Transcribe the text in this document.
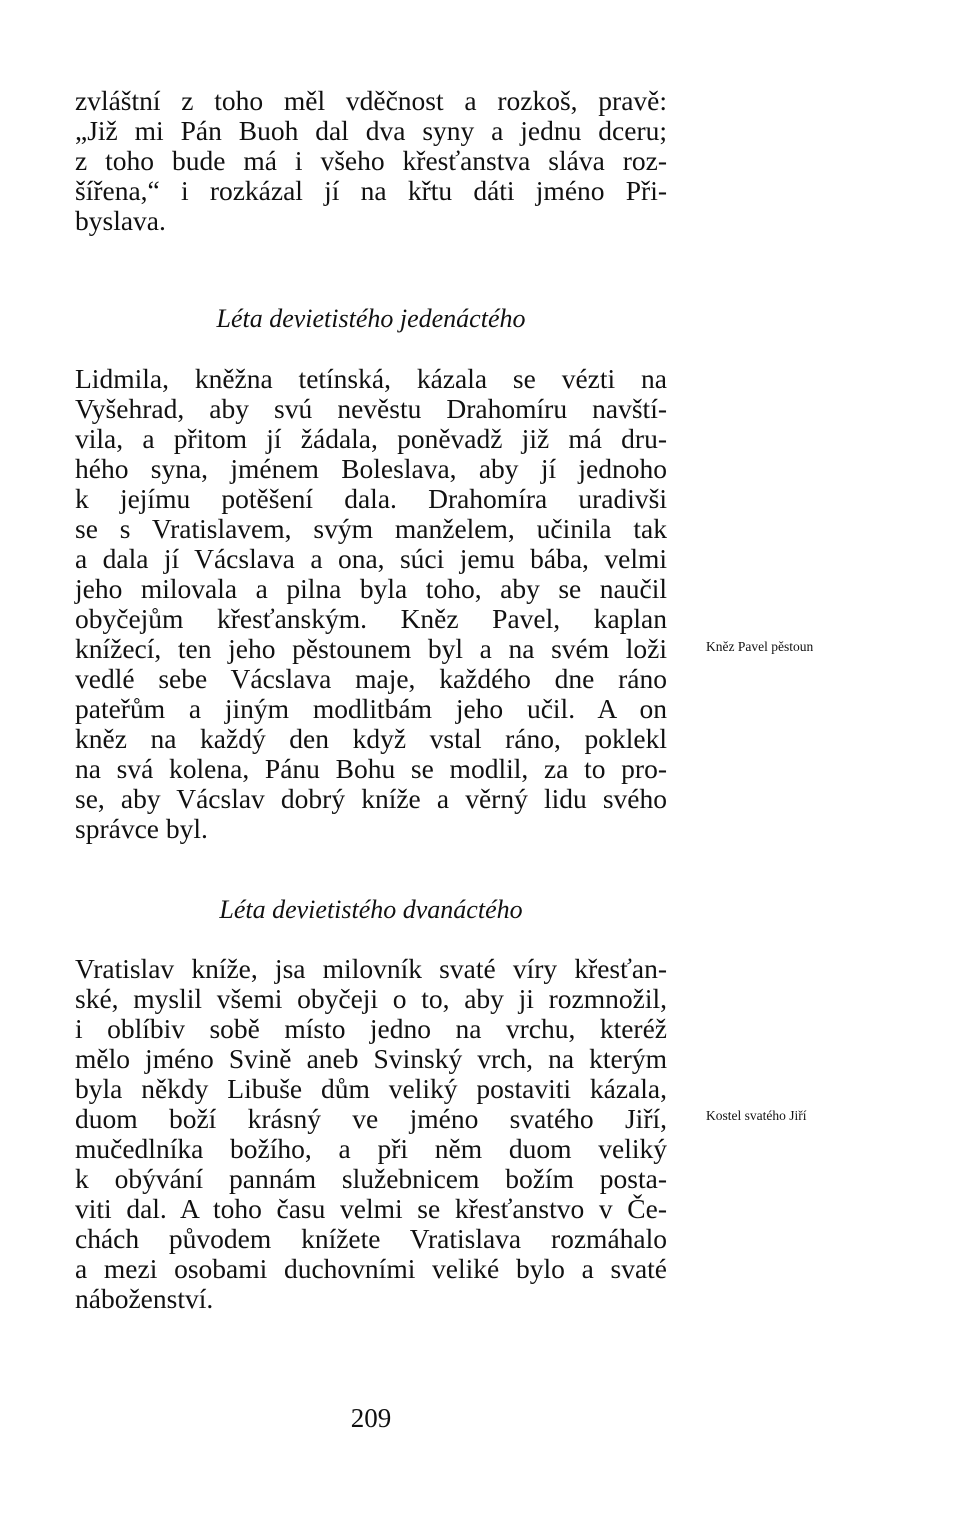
zvláštní z toho měl vděčnost a rozkoš, pravě:
„Již mi Pán Buoh dal dva syny a jednu dceru;
z toho bude má i všeho křesťanstva sláva roz-
šířena,“ i rozkázal jí na křtu dáti jméno Při-
byslava.
Léta devietistého jedenáctého
Lidmila, kněžna tetínská, kázala se vézti na
Vyšehrad, aby svú nevěstu Drahomíru navští-
vila, a přitom jí žádala, poněvadž již má dru-
hého syna, jménem Boleslava, aby jí jednoho
k jejímu potěšení dala. Drahomíra uradivši
se s Vratislavem, svým manželem, učinila tak
a dala jí Vácslava a ona, súci jemu bába, velmi
jeho milovala a pilna byla toho, aby se naučil
obyčejům křesťanským. Kněz Pavel, kaplan
knížecí, ten jeho pěstounem byl a na svém loži
vedlé sebe Vácslava maje, každého dne ráno
pateřům a jiným modlitbám jeho učil. A on
kněz na každý den když vstal ráno, poklekl
na svá kolena, Pánu Bohu se modlil, za to pro-
se, aby Vácslav dobrý kníže a věrný lidu svého
správce byl.
Kněz Pavel pěstoun
Léta devietistého dvanáctého
Vratislav kníže, jsa milovník svaté víry křesťan-
ské, myslil všemi obyčeji o to, aby ji rozmnožil,
i oblíbiv sobě místo jedno na vrchu, kteréž
mělo jméno Svině aneb Svinský vrch, na kterým
byla někdy Libuše dům veliký postaviti kázala,
duom boží krásný ve jméno svatého Jiří,
mučedlníka božího, a při něm duom veliký
k obývání pannám služebnicem božím posta-
viti dal. A toho času velmi se křesťanstvo v Če-
chách původem knížete Vratislava rozmáhalo
a mezi osobami duchovními veliké bylo a svaté
náboženství.
Kostel svatého Jiří
209
